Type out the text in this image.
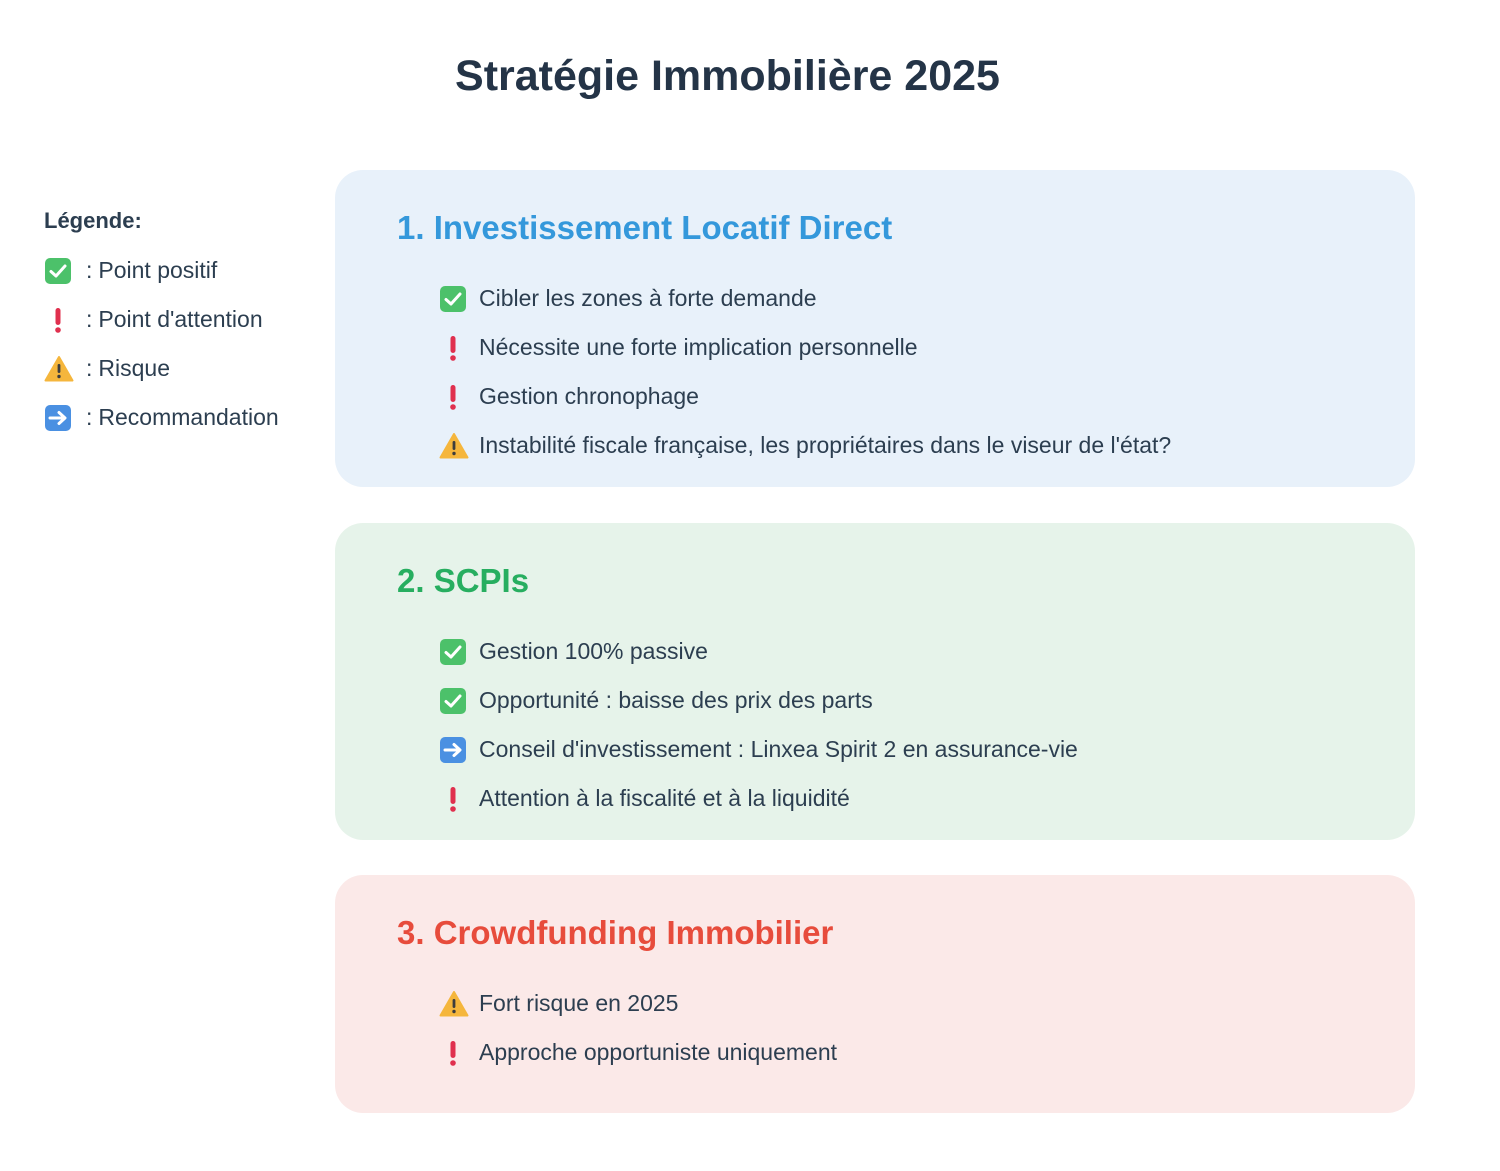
Stratégie Immobilière 2025
Légende:
: Point positif
: Point d'attention
: Risque
: Recommandation
1. Investissement Locatif Direct
Cibler les zones à forte demande
Nécessite une forte implication personnelle
Gestion chronophage
Instabilité fiscale française, les propriétaires dans le viseur de l'état?
2. SCPIs
Gestion 100% passive
Opportunité : baisse des prix des parts
Conseil d'investissement : Linxea Spirit 2 en assurance-vie
Attention à la fiscalité et à la liquidité
3. Crowdfunding Immobilier
Fort risque en 2025
Approche opportuniste uniquement
